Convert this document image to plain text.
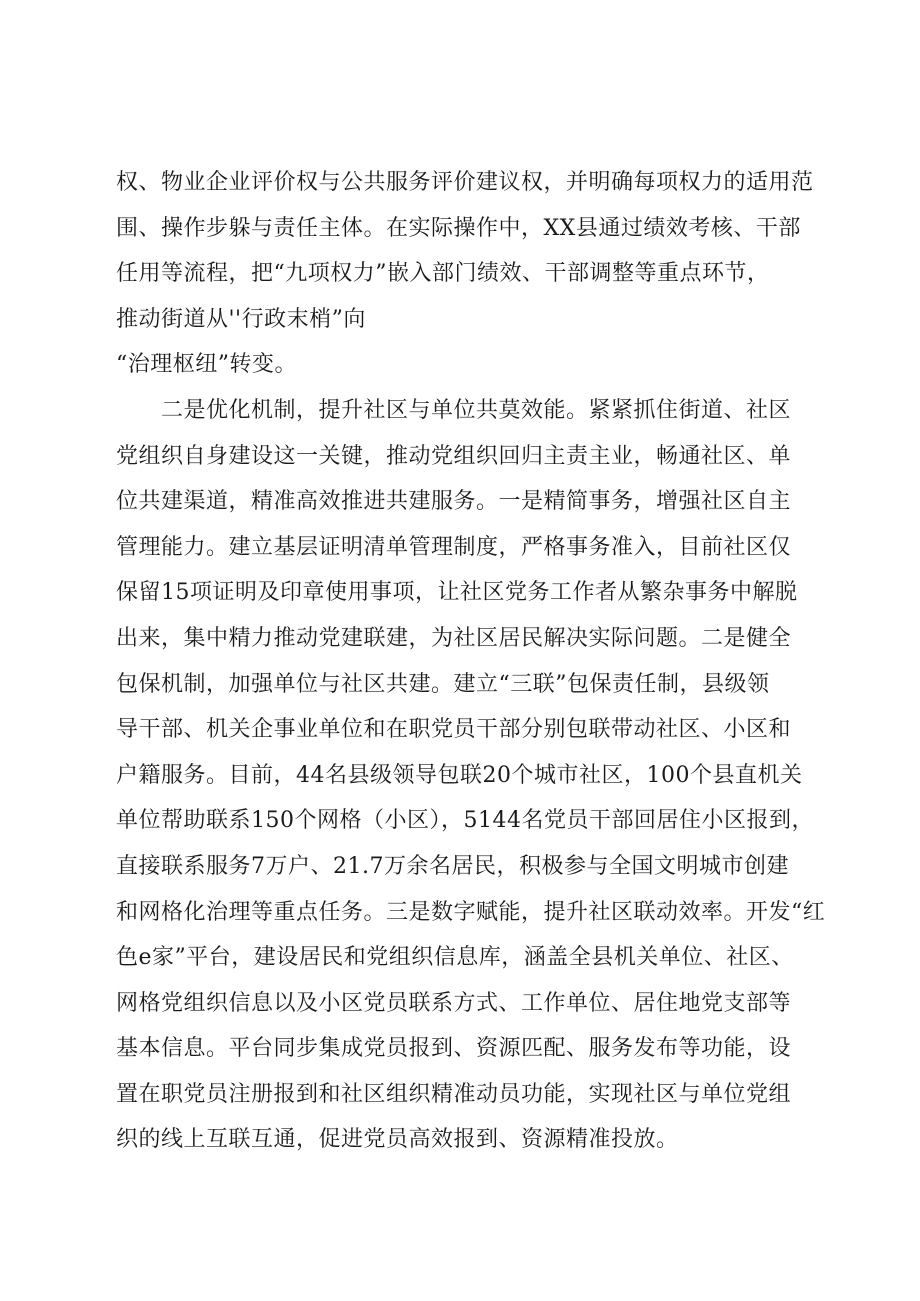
权、物业企业评价权与公共服务评价建议权，并明确每项权力的适用范
围、操作步躲与责任主体。在实际操作中，XX县通过绩效考核、干部
任用等流程，把“九项权力”嵌入部门绩效、干部调整等重点环节，
推动街道从''行政末梢”向
“治理枢纽”转变。
　　二是优化机制，提升社区与单位共莫效能。紧紧抓住街道、社区
党组织自身建设这一关键，推动党组织回归主责主业，畅通社区、单
位共建渠道，精准高效推进共建服务。一是精简事务，增强社区自主
管理能力。建立基层证明清单管理制度，严格事务准入，目前社区仅
保留15项证明及印章使用事项，让社区党务工作者从繁杂事务中解脱
出来，集中精力推动党建联建，为社区居民解决实际问题。二是健全
包保机制，加强单位与社区共建。建立“三联”包保责任制，县级领
导干部、机关企事业单位和在职党员干部分别包联带动社区、小区和
户籍服务。目前，44名县级领导包联20个城市社区，100个县直机关
单位帮助联系150个网格（小区），5144名党员干部回居住小区报到，
直接联系服务7万户、21.7万余名居民，积极参与全国文明城市创建
和网格化治理等重点任务。三是数字赋能，提升社区联动效率。开发“红
色e家”平台，建设居民和党组织信息库，涵盖全县机关单位、社区、
网格党组织信息以及小区党员联系方式、工作单位、居住地党支部等
基本信息。平台同步集成党员报到、资源匹配、服务发布等功能，设
置在职党员注册报到和社区组织精准动员功能，实现社区与单位党组
织的线上互联互通，促进党员高效报到、资源精准投放。
